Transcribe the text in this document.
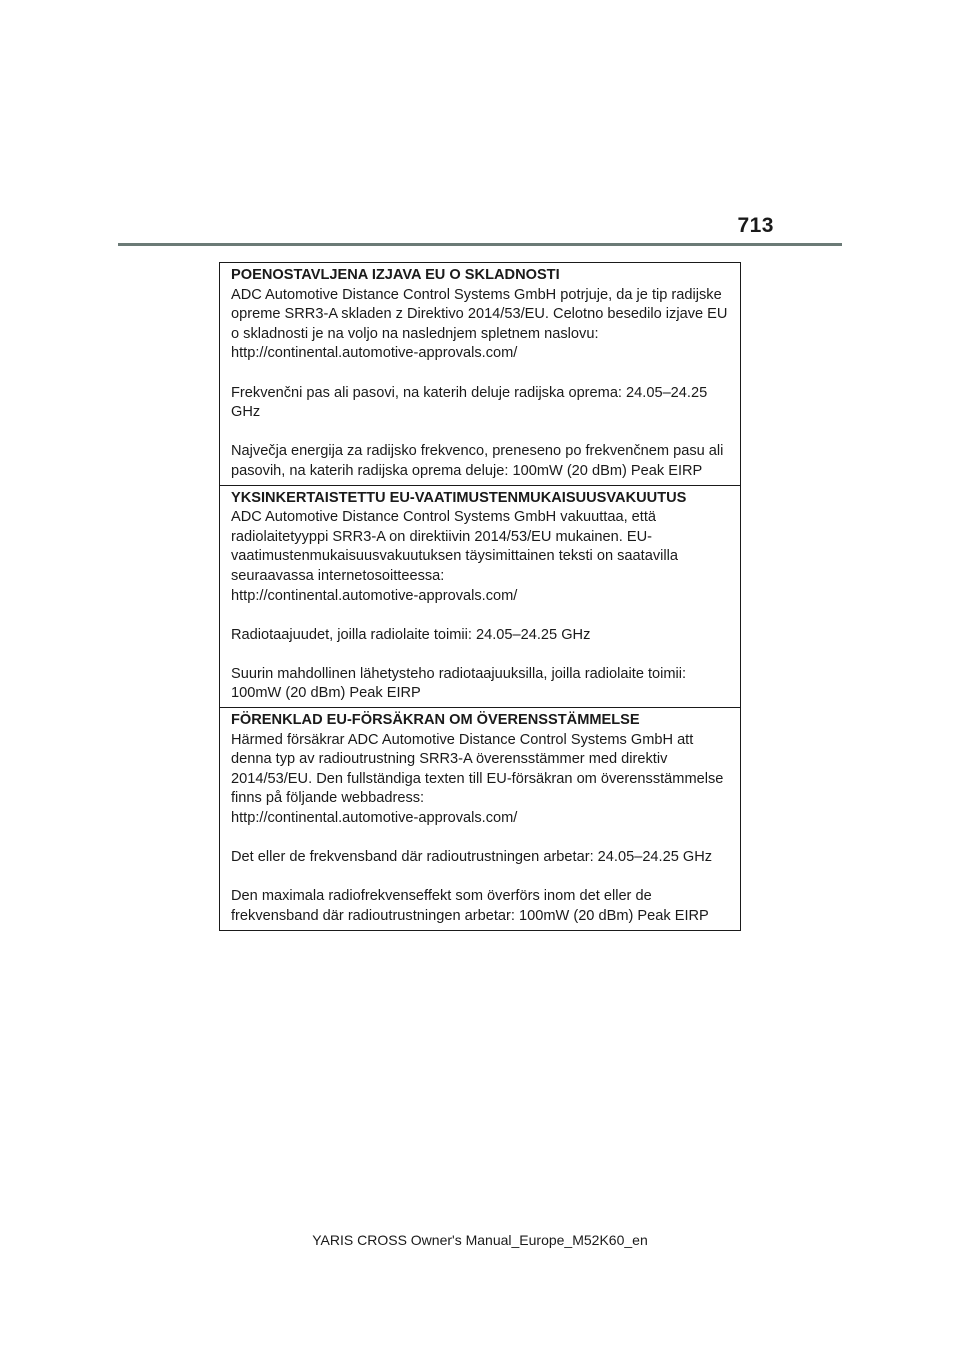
713

POENOSTAVLJENA IZJAVA EU O SKLADNOSTI

ADC Automotive Distance Control Systems GmbH potrjuje, da je tip radijske opreme SRR3-A skladen z Direktivo 2014/53/EU. Celotno besedilo izjave EU o skladnosti je na voljo na naslednjem spletnem naslovu:

http://continental.automotive-approvals.com/

Frekvenčni pas ali pasovi, na katerih deluje radijska oprema: 24.05–24.25 GHz

Največja energija za radijsko frekvenco, preneseno po frekvenčnem pasu ali pasovih, na katerih radijska oprema deluje: 100mW (20 dBm) Peak EIRP

YKSINKERTAISTETTU EU-VAATIMUSTENMUKAISUUSVAKUUTUS

ADC Automotive Distance Control Systems GmbH vakuuttaa, että radiolaitetyyppi SRR3-A on direktiivin 2014/53/EU mukainen. EU-vaatimustenmukaisuusvakuutuksen täysimittainen teksti on saatavilla seuraavassa internetosoitteessa:

http://continental.automotive-approvals.com/

Radiotaajuudet, joilla radiolaite toimii: 24.05–24.25 GHz

Suurin mahdollinen lähetysteho radiotaajuuksilla, joilla radiolaite toimii: 100mW (20 dBm) Peak EIRP

FÖRENKLAD EU-FÖRSÄKRAN OM ÖVERENSSTÄMMELSE

Härmed försäkrar ADC Automotive Distance Control Systems GmbH att denna typ av radioutrustning SRR3-A överensstämmer med direktiv 2014/53/EU. Den fullständiga texten till EU-försäkran om överensstämmelse finns på följande webbadress:

http://continental.automotive-approvals.com/

Det eller de frekvensband där radioutrustningen arbetar: 24.05–24.25 GHz

Den maximala radiofrekvenseffekt som överförs inom det eller de frekvensband där radioutrustningen arbetar: 100mW (20 dBm) Peak EIRP

YARIS CROSS Owner's Manual_Europe_M52K60_en
